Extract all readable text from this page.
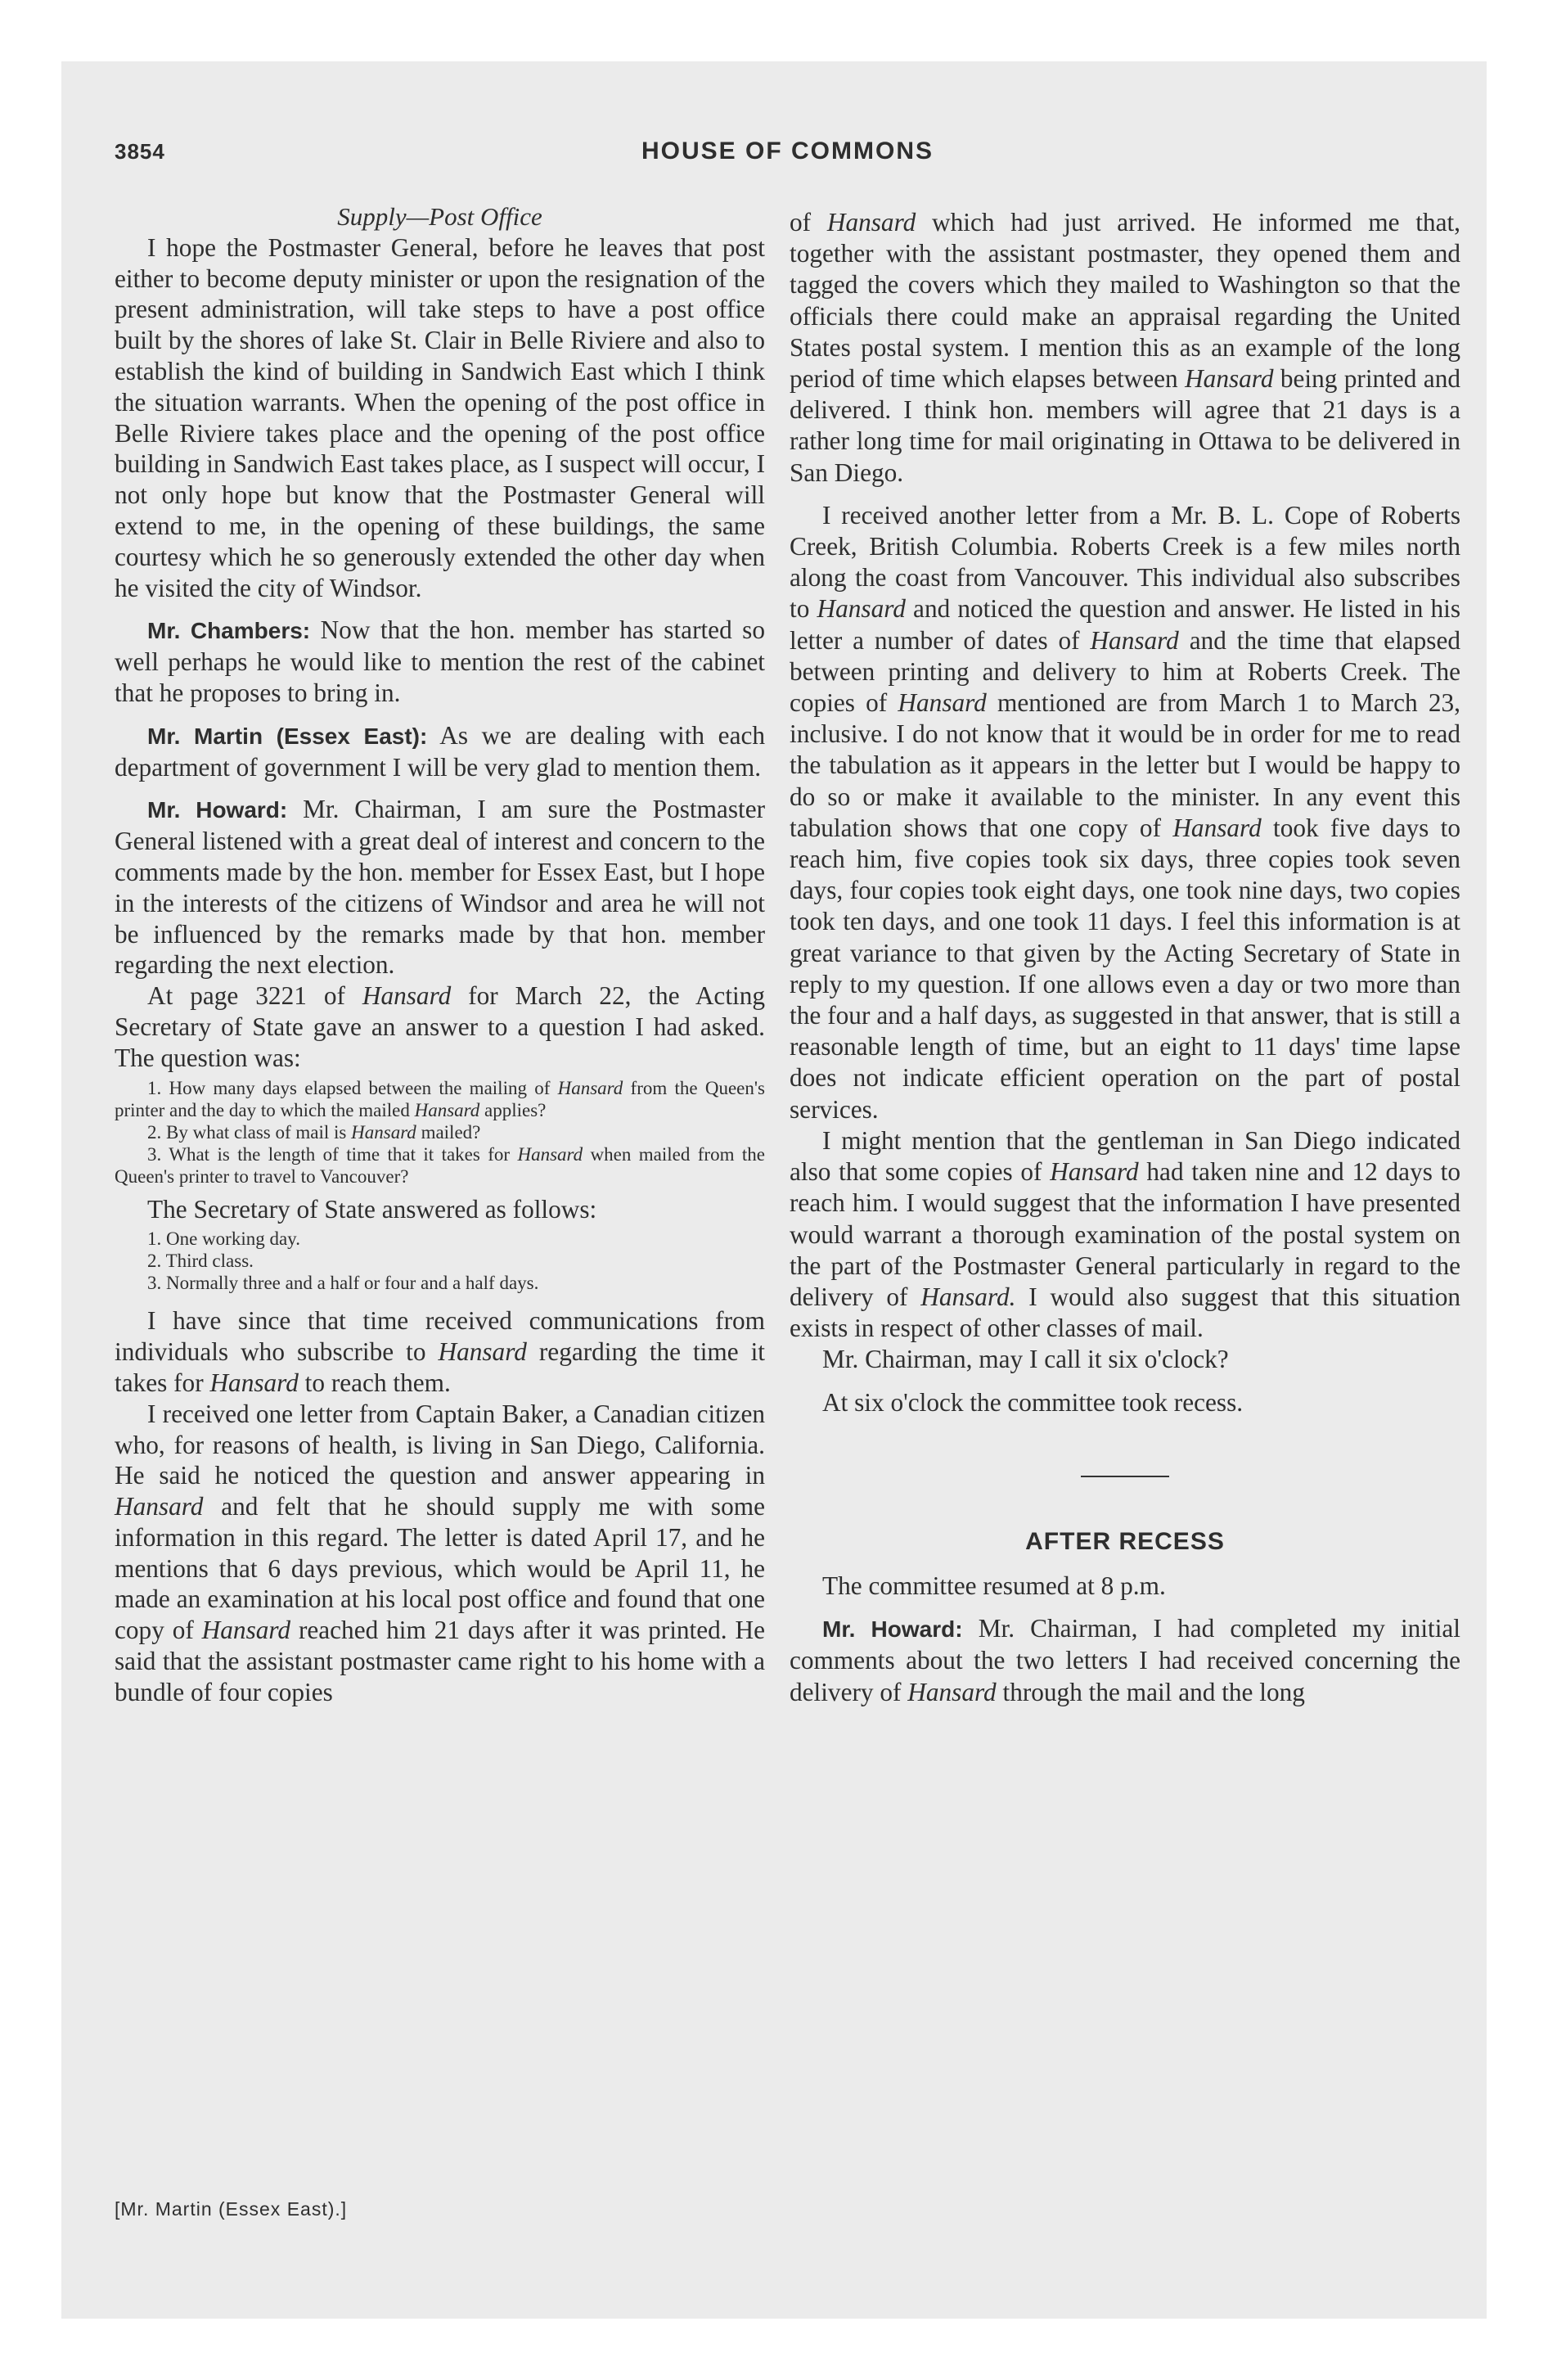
3854	HOUSE OF COMMONS

Supply—Post Office

I hope the Postmaster General, before he leaves that post either to become deputy minister or upon the resignation of the present administration, will take steps to have a post office built by the shores of lake St. Clair in Belle Riviere and also to establish the kind of building in Sandwich East which I think the situation warrants. When the opening of the post office in Belle Riviere takes place and the opening of the post office building in Sandwich East takes place, as I suspect will occur, I not only hope but know that the Postmaster General will extend to me, in the opening of these buildings, the same courtesy which he so generously extended the other day when he visited the city of Windsor.

Mr. Chambers: Now that the hon. member has started so well perhaps he would like to mention the rest of the cabinet that he proposes to bring in.

Mr. Martin (Essex East): As we are dealing with each department of government I will be very glad to mention them.

Mr. Howard: Mr. Chairman, I am sure the Postmaster General listened with a great deal of interest and concern to the comments made by the hon. member for Essex East, but I hope in the interests of the citizens of Windsor and area he will not be influenced by the remarks made by that hon. member regarding the next election.

At page 3221 of Hansard for March 22, the Acting Secretary of State gave an answer to a question I had asked. The question was:

1. How many days elapsed between the mailing of Hansard from the Queen's printer and the day to which the mailed Hansard applies?
2. By what class of mail is Hansard mailed?
3. What is the length of time that it takes for Hansard when mailed from the Queen's printer to travel to Vancouver?

The Secretary of State answered as follows:

1. One working day.
2. Third class.
3. Normally three and a half or four and a half days.

I have since that time received communications from individuals who subscribe to Hansard regarding the time it takes for Hansard to reach them.

I received one letter from Captain Baker, a Canadian citizen who, for reasons of health, is living in San Diego, California. He said he noticed the question and answer appearing in Hansard and felt that he should supply me with some information in this regard. The letter is dated April 17, and he mentions that 6 days previous, which would be April 11, he made an examination at his local post office and found that one copy of Hansard reached him 21 days after it was printed. He said that the assistant postmaster came right to his home with a bundle of four copies

of Hansard which had just arrived. He informed me that, together with the assistant postmaster, they opened them and tagged the covers which they mailed to Washington so that the officials there could make an appraisal regarding the United States postal system. I mention this as an example of the long period of time which elapses between Hansard being printed and delivered. I think hon. members will agree that 21 days is a rather long time for mail originating in Ottawa to be delivered in San Diego.

I received another letter from a Mr. B. L. Cope of Roberts Creek, British Columbia. Roberts Creek is a few miles north along the coast from Vancouver. This individual also subscribes to Hansard and noticed the question and answer. He listed in his letter a number of dates of Hansard and the time that elapsed between printing and delivery to him at Roberts Creek. The copies of Hansard mentioned are from March 1 to March 23, inclusive. I do not know that it would be in order for me to read the tabulation as it appears in the letter but I would be happy to do so or make it available to the minister. In any event this tabulation shows that one copy of Hansard took five days to reach him, five copies took six days, three copies took seven days, four copies took eight days, one took nine days, two copies took ten days, and one took 11 days. I feel this information is at great variance to that given by the Acting Secretary of State in reply to my question. If one allows even a day or two more than the four and a half days, as suggested in that answer, that is still a reasonable length of time, but an eight to 11 days' time lapse does not indicate efficient operation on the part of postal services.

I might mention that the gentleman in San Diego indicated also that some copies of Hansard had taken nine and 12 days to reach him. I would suggest that the information I have presented would warrant a thorough examination of the postal system on the part of the Postmaster General particularly in regard to the delivery of Hansard. I would also suggest that this situation exists in respect of other classes of mail.

Mr. Chairman, may I call it six o'clock?

At six o'clock the committee took recess.

AFTER RECESS

The committee resumed at 8 p.m.

Mr. Howard: Mr. Chairman, I had completed my initial comments about the two letters I had received concerning the delivery of Hansard through the mail and the long

[Mr. Martin (Essex East).]
